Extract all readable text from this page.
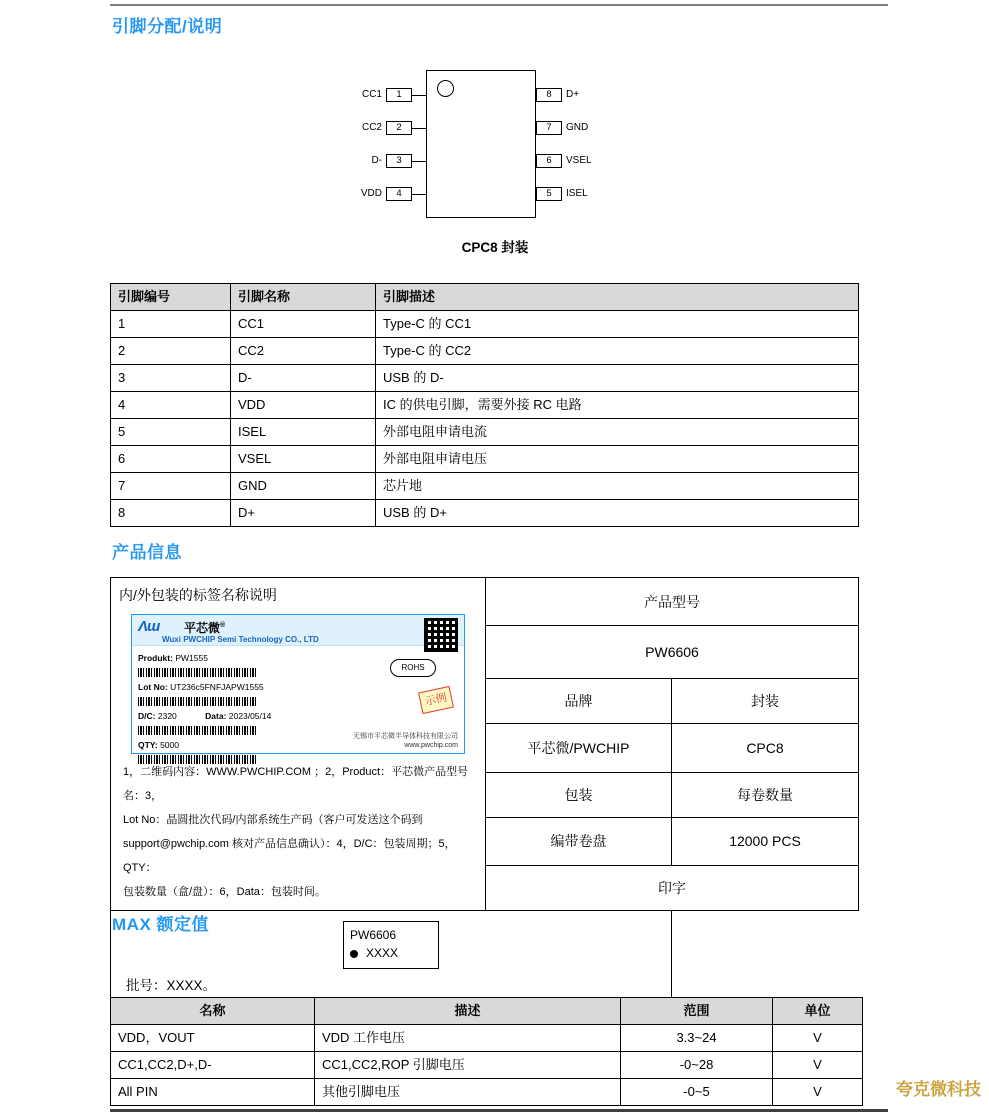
引脚分配/说明
1
CC1
2
CC2
3
D-
4
VDD
8	D+
7	GND
6	VSEL
5	ISEL
CPC8 封装
引脚编号	引脚名称	引脚描述
1	CC1	Type-C 的 CC1
2	CC2	Type-C 的 CC2
3	D-	USB 的 D-
4	VDD	IC 的供电引脚，需要外接 RC 电路
5	ISEL	外部电阻申请电流
6	VSEL	外部电阻申请电压
7	GND	芯片地
8	D+	USB 的 D+
产品信息
内/外包装的标签名称说明
Ʌɯ 平芯微®
Wuxi PWCHIP Semi Technology CO., LTD
Produkt: PW1555
Lot No: UT236c5FNFJAPW1555
D/C: 2320	Data: 2023/05/14
QTY: 5000
ROHS
示例
无锡市平芯微半导体科技有限公司
www.pwchip.com
1，二维码内容：WWW.PWCHIP.COM ；2，Product：平芯微产品型号名：3，
Lot No：晶圆批次代码/内部系统生产码（客户可发送这个码到
support@pwchip.com 核对产品信息确认）：4，D/C：包装周期；5，QTY：
包装数量（盒/盘）：6，Data：包装时间。
	产品型号
	PW6606	
	品牌	封装
	平芯微/PWCHIP	CPC8
	包装	每卷数量
	编带卷盘	12000 PCS
	印字	

PW6606
XXXX
批号：XXXX。		
MAX 额定值
名称	描述	范围	单位
VDD，VOUT	VDD 工作电压	3.3~24	V
CC1,CC2,D+,D-	CC1,CC2,ROP 引脚电压	-0~28	V
All PIN	其他引脚电压	-0~5	V	夸克微科技
